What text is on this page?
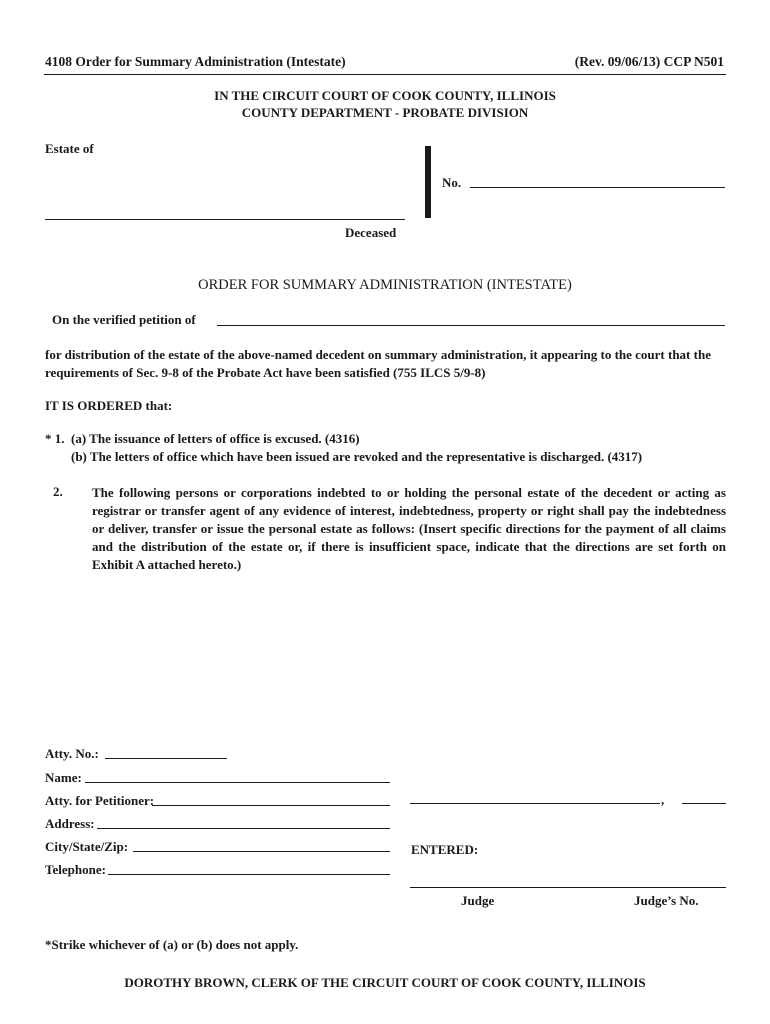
4108 Order for Summary Administration (Intestate)	(Rev. 09/06/13) CCP N501
IN THE CIRCUIT COURT OF COOK COUNTY, ILLINOIS
COUNTY DEPARTMENT - PROBATE DIVISION
Estate of
Deceased
No.
ORDER FOR SUMMARY ADMINISTRATION (INTESTATE)
On the verified petition of
for distribution of the estate of the above-named decedent on summary administration, it appearing to the court that the requirements of Sec. 9-8 of the Probate Act have been satisfied (755 ILCS 5/9-8)
IT IS ORDERED that:
* 1. (a) The issuance of letters of office is excused. (4316)
(b) The letters of office which have been issued are revoked and the representative is discharged. (4317)
2. The following persons or corporations indebted to or holding the personal estate of the decedent or acting as registrar or transfer agent of any evidence of interest, indebtedness, property or right shall pay the indebtedness or deliver, transfer or issue the personal estate as follows: (Insert specific directions for the payment of all claims and the distribution of the estate or, if there is insufficient space, indicate that the directions are set forth on Exhibit A attached hereto.)
Atty. No.:
Name:
Atty. for Petitioner:
Address:
City/State/Zip:
Telephone:
,
ENTERED:
Judge	Judge’s No.
*Strike whichever of (a) or (b) does not apply.
DOROTHY BROWN, CLERK OF THE CIRCUIT COURT OF COOK COUNTY, ILLINOIS
